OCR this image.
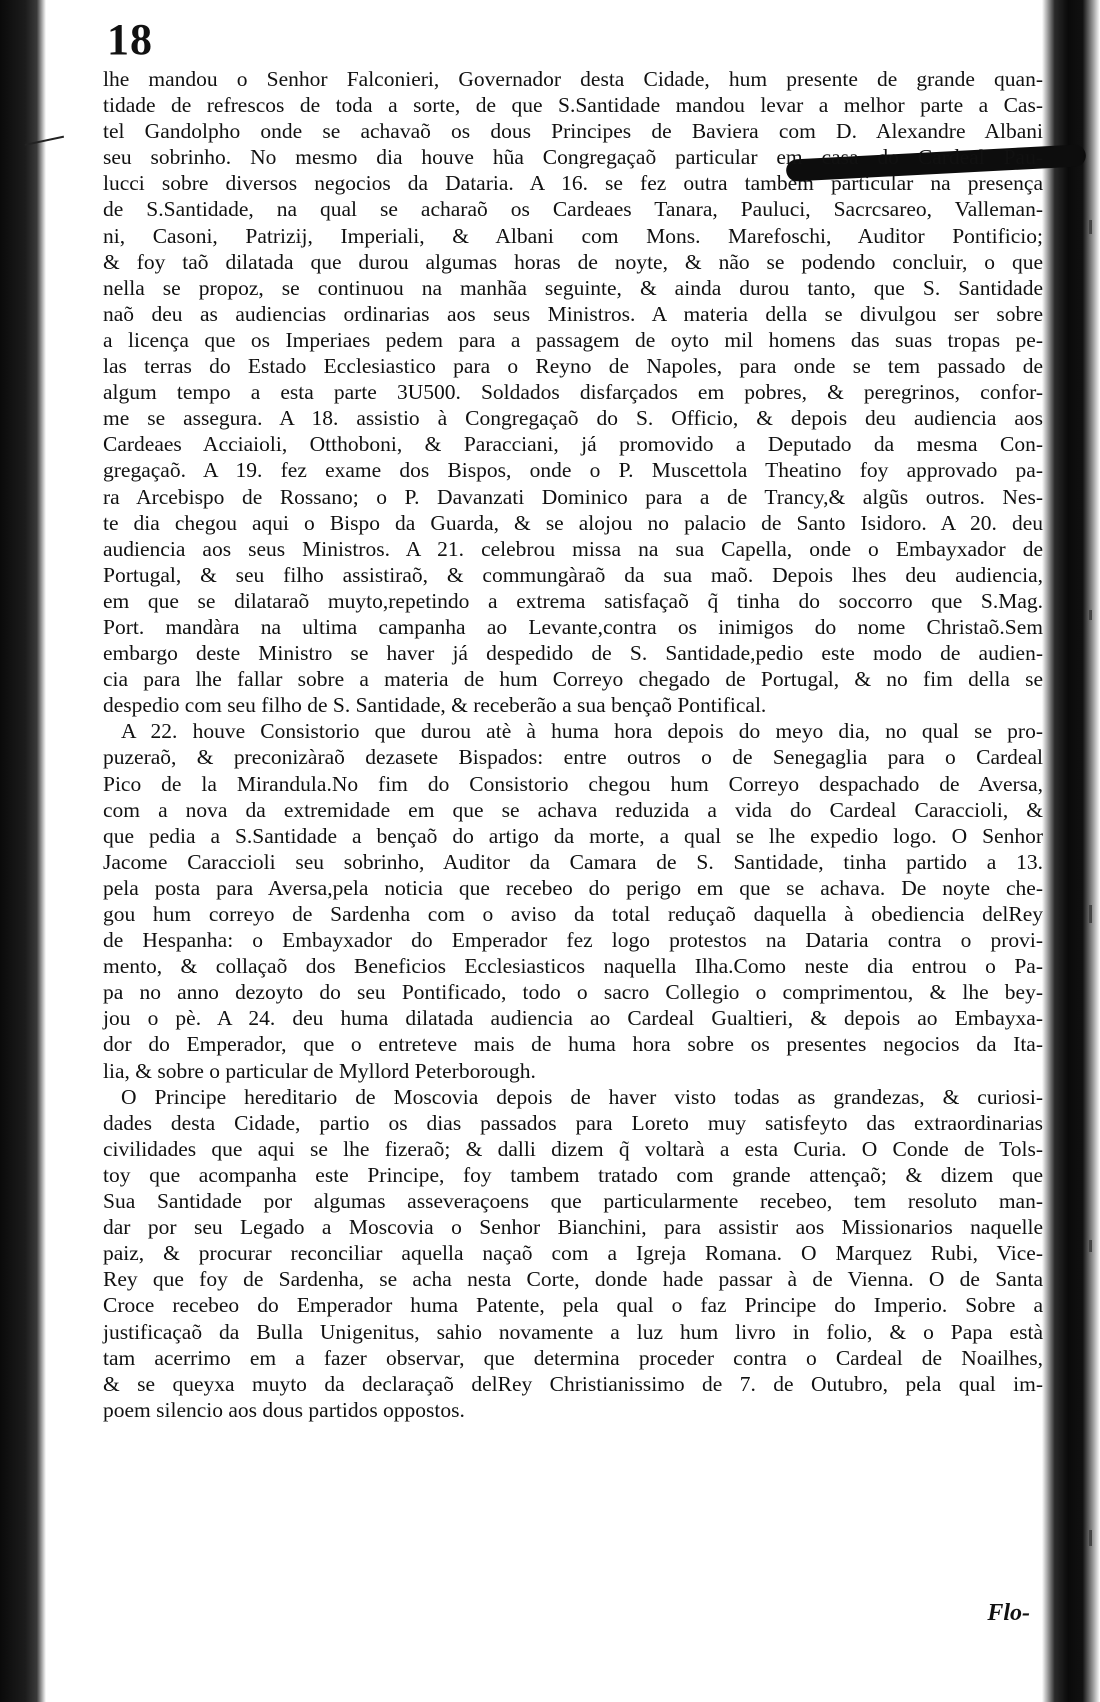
18
lhe mandou o Senhor Falconieri, Governador desta Cidade, hum presente de grande quan-
tidade de refrescos de toda a sorte, de que S.Santidade mandou levar a melhor parte a Cas-
tel Gandolpho onde se achavaõ os dous Principes de Baviera com D. Alexandre Albani
seu sobrinho. No mesmo dia houve hũa Congregaçaõ particular em casa do Cardeal Pau-
lucci sobre diversos negocios da Dataria. A 16. se fez outra tambem particular na presença
de S.Santidade, na qual se acharaõ os Cardeaes Tanara, Pauluci, Sacrcsareo, Valleman-
ni, Casoni, Patrizij, Imperiali, & Albani com Mons. Marefoschi, Auditor Pontificio;
& foy taõ dilatada que durou algumas horas de noyte, & não se podendo concluir, o que
nella se propoz, se continuou na manhãa seguinte, & ainda durou tanto, que S. Santidade
naõ deu as audiencias ordinarias aos seus Ministros. A materia della se divulgou ser sobre
a licença que os Imperiaes pedem para a passagem de oyto mil homens das suas tropas pe-
las terras do Estado Ecclesiastico para o Reyno de Napoles, para onde se tem passado de
algum tempo a esta parte 3U500. Soldados disfarçados em pobres, & peregrinos, confor-
me se assegura. A 18. assistio à Congregaçaõ do S. Officio, & depois deu audiencia aos
Cardeaes Acciaioli, Otthoboni, & Paracciani, já promovido a Deputado da mesma Con-
gregaçaõ. A 19. fez exame dos Bispos, onde o P. Muscettola Theatino foy approvado pa-
ra Arcebispo de Rossano; o P. Davanzati Dominico para a de Trancy,& algũs outros. Nes-
te dia chegou aqui o Bispo da Guarda, & se alojou no palacio de Santo Isidoro. A 20. deu
audiencia aos seus Ministros. A 21. celebrou missa na sua Capella, onde o Embayxador de
Portugal, & seu filho assistiraõ, & commungàraõ da sua maõ. Depois lhes deu audiencia,
em que se dilataraõ muyto,repetindo a extrema satisfaçaõ q̃ tinha do soccorro que S.Mag.
Port. mandàra na ultima campanha ao Levante,contra os inimigos do nome Christaõ.Sem
embargo deste Ministro se haver já despedido de S. Santidade,pedio este modo de audien-
cia para lhe fallar sobre a materia de hum Correyo chegado de Portugal, & no fim della se
despedio com seu filho de S. Santidade, & receberão a sua bençaõ Pontifical.
A 22. houve Consistorio que durou atè à huma hora depois do meyo dia, no qual se pro-
puzeraõ, & preconizàraõ dezasete Bispados: entre outros o de Senegaglia para o Cardeal
Pico de la Mirandula.No fim do Consistorio chegou hum Correyo despachado de Aversa,
com a nova da extremidade em que se achava reduzida a vida do Cardeal Caraccioli, &
que pedia a S.Santidade a bençaõ do artigo da morte, a qual se lhe expedio logo. O Senhor
Jacome Caraccioli seu sobrinho, Auditor da Camara de S. Santidade, tinha partido a 13.
pela posta para Aversa,pela noticia que recebeo do perigo em que se achava. De noyte che-
gou hum correyo de Sardenha com o aviso da total reduçaõ daquella à obediencia delRey
de Hespanha: o Embayxador do Emperador fez logo protestos na Dataria contra o provi-
mento, & collaçaõ dos Beneficios Ecclesiasticos naquella Ilha.Como neste dia entrou o Pa-
pa no anno dezoyto do seu Pontificado, todo o sacro Collegio o comprimentou, & lhe bey-
jou o pè. A 24. deu huma dilatada audiencia ao Cardeal Gualtieri, & depois ao Embayxa-
dor do Emperador, que o entreteve mais de huma hora sobre os presentes negocios da Ita-
lia, & sobre o particular de Myllord Peterborough.
O Principe hereditario de Moscovia depois de haver visto todas as grandezas, & curiosi-
dades desta Cidade, partio os dias passados para Loreto muy satisfeyto das extraordinarias
civilidades que aqui se lhe fizeraõ; & dalli dizem q̃ voltarà a esta Curia. O Conde de Tols-
toy que acompanha este Principe, foy tambem tratado com grande attençaõ; & dizem que
Sua Santidade por algumas asseveraçoens que particularmente recebeo, tem resoluto man-
dar por seu Legado a Moscovia o Senhor Bianchini, para assistir aos Missionarios naquelle
paiz, & procurar reconciliar aquella naçaõ com a Igreja Romana. O Marquez Rubi, Vice-
Rey que foy de Sardenha, se acha nesta Corte, donde hade passar à de Vienna. O de Santa
Croce recebeo do Emperador huma Patente, pela qual o faz Principe do Imperio. Sobre a
justificaçaõ da Bulla Unigenitus, sahio novamente a luz hum livro in folio, & o Papa està
tam acerrimo em a fazer observar, que determina proceder contra o Cardeal de Noailhes,
& se queyxa muyto da declaraçaõ delRey Christianissimo de 7. de Outubro, pela qual im-
poem silencio aos dous partidos oppostos.
Flo-
